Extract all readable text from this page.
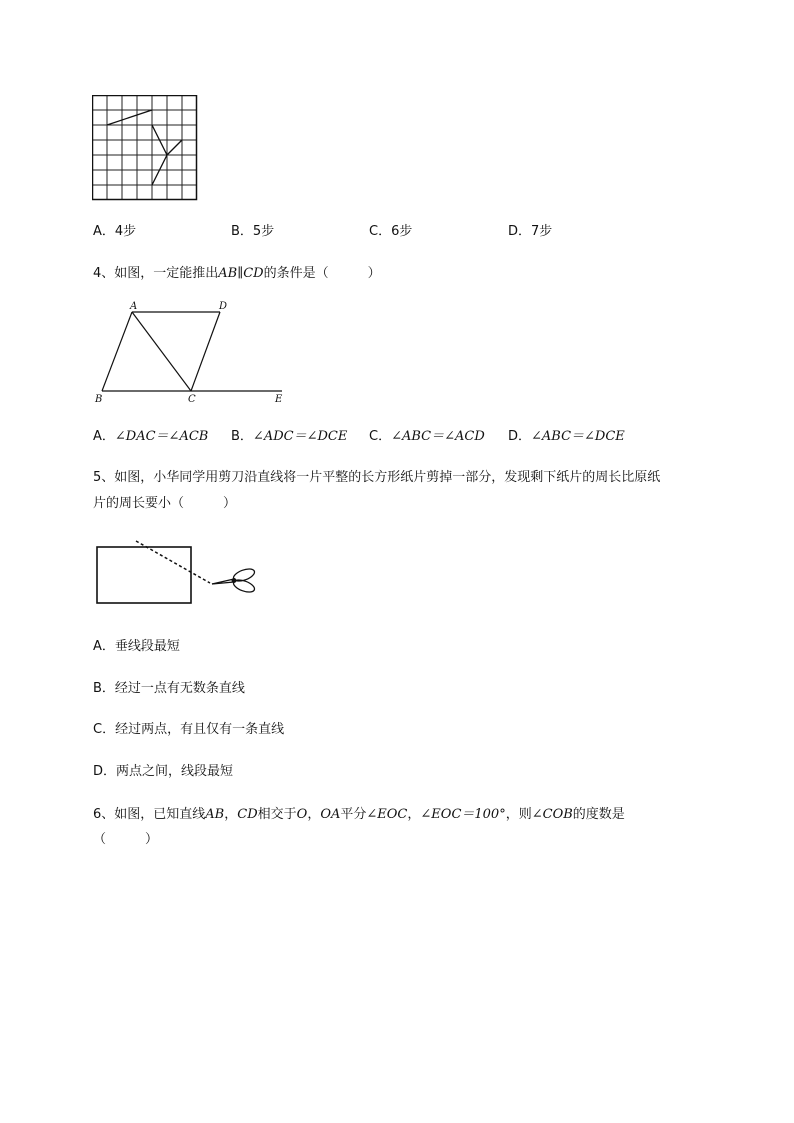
A．4步	B．5步	C．6步	D．7步
4、如图，一定能推出AB∥CD的条件是（　　　）
A	D
B	C	E
A．∠DAC＝∠ACB B．∠ADC＝∠DCE C．∠ABC＝∠ACD D．∠ABC＝∠DCE
5、如图，小华同学用剪刀沿直线将一片平整的长方形纸片剪掉一部分，发现剩下纸片的周长比原纸
片的周长要小（　　　）
A．垂线段最短
B．经过一点有无数条直线
C．经过两点，有且仅有一条直线
D．两点之间，线段最短
6、如图，已知直线AB，CD相交于O，OA平分∠EOC，∠EOC＝100°，则∠COB的度数是
（　　　）
